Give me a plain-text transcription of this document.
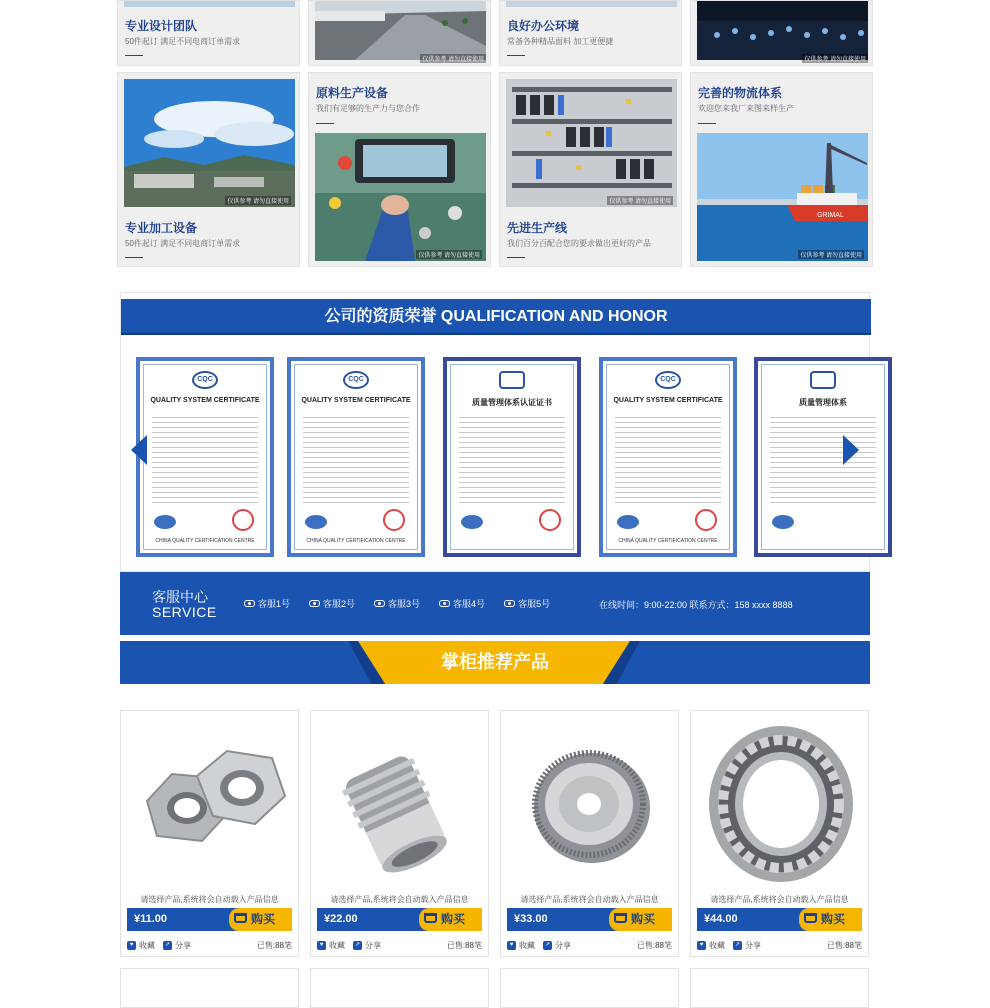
专业设计团队
50件起订 满足不同电商订单需求
仅供参考 请勿直接使用
良好办公环境
常备各种精品面料 加工更便捷
仅供参考 请勿直接使用
仅供参考 请勿直接使用
专业加工设备
50件起订 满足不同电商订单需求
原料生产设备
我们有足够的生产力与您合作
仅供参考 请勿直接使用
仅供参考 请勿直接使用
先进生产线
我们百分百配合您的要求做出更好的产品
完善的物流体系
欢迎您来我厂来图来样生产
GRIMAL
仅供参考 请勿直接使用
公司的资质荣誉 QUALIFICATION AND HONOR
CQC
QUALITY SYSTEM CERTIFICATE
CHINA QUALITY CERTIFICATION CENTRE
CQC
QUALITY SYSTEM CERTIFICATE
CHINA QUALITY CERTIFICATION CENTRE
质量管理体系认证证书
CQC
QUALITY SYSTEM CERTIFICATE
CHINA QUALITY CERTIFICATION CENTRE
质量管理体系
客服中心
SERVICE	客服1号	客服2号	客服3号	客服4号	客服5号	在线时间：9:00-22:00 联系方式：158 xxxx 8888
掌柜推荐产品
请选择产品,系统将会自动载入产品信息
¥11.00	购买
♥ 收藏	↗ 分享	已售:88笔
请选择产品,系统将会自动载入产品信息
¥22.00	购买
♥ 收藏	↗ 分享	已售:88笔
请选择产品,系统将会自动载入产品信息
¥33.00	购买
♥ 收藏	↗ 分享	已售:88笔
请选择产品,系统将会自动载入产品信息
¥44.00	购买
♥ 收藏	↗ 分享	已售:88笔
